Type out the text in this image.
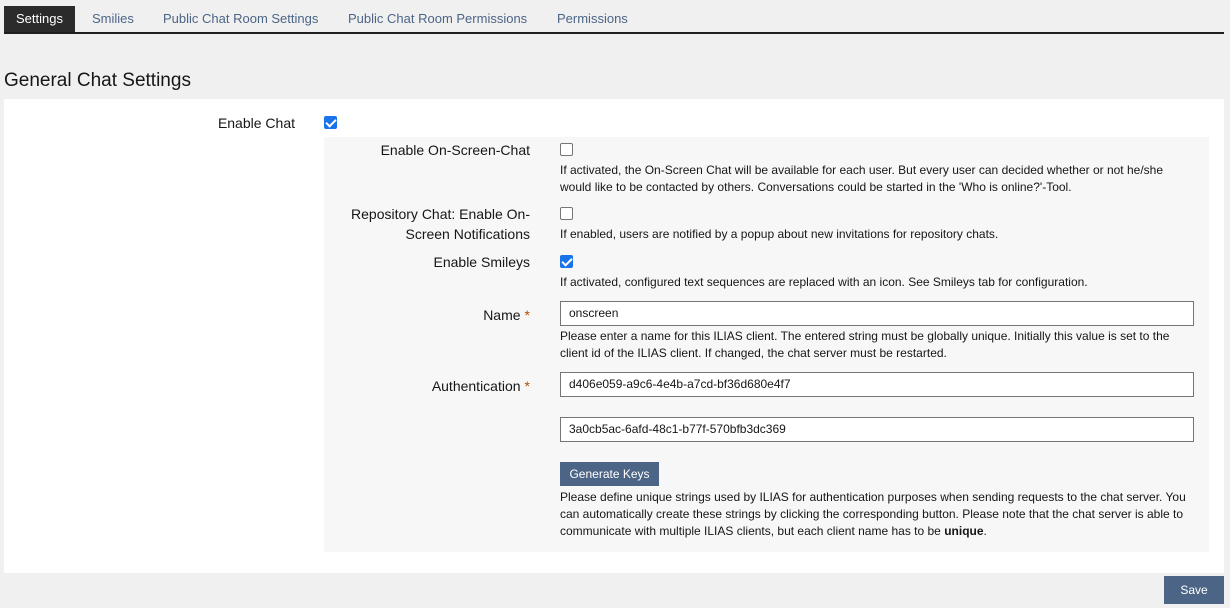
Settings	Smilies Public Chat Room Settings Public Chat Room Permissions Permissions
General Chat Settings
Enable Chat
Enable On-Screen-Chat
If activated, the On-Screen Chat will be available for each user. But every user can decided whether or not he/she would like to be contacted by others. Conversations could be started in the 'Who is online?'-Tool.
Repository Chat: Enable On-
Screen Notifications	If enabled, users are notified by a popup about new invitations for repository chats.
Enable Smileys
If activated, configured text sequences are replaced with an icon. See Smileys tab for configuration.
Name *	onscreen
Please enter a name for this ILIAS client. The entered string must be globally unique. Initially this value is set to the client id of the ILIAS client. If changed, the chat server must be restarted.
Authentication *	d406e059-a9c6-4e4b-a7cd-bf36d680e4f7
3a0cb5ac-6afd-48c1-b77f-570bfb3dc369
Generate Keys
Please define unique strings used by ILIAS for authentication purposes when sending requests to the chat server. You can automatically create these strings by clicking the corresponding button. Please note that the chat server is able to communicate with multiple ILIAS clients, but each client name has to be unique.
Save
